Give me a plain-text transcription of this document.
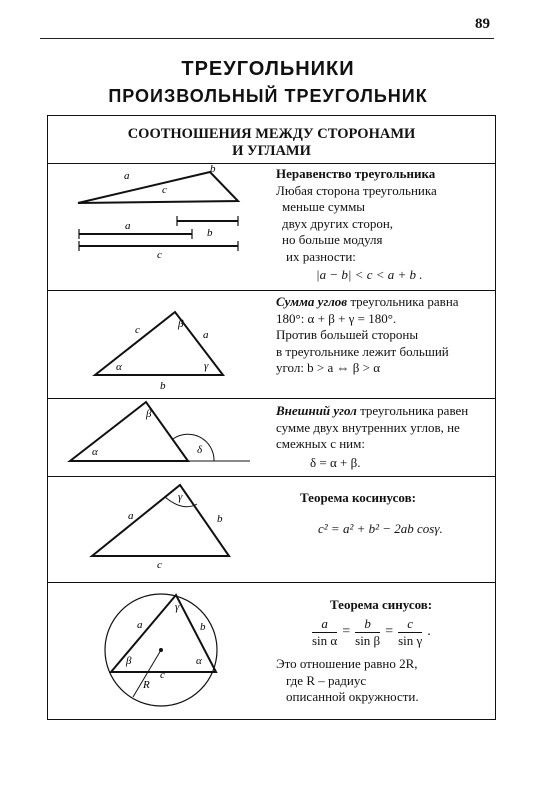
89
ТРЕУГОЛЬНИКИ
ПРОИЗВОЛЬНЫЙ ТРЕУГОЛЬНИК
СООТНОШЕНИЯ МЕЖДУ СТОРОНАМИ
И УГЛАМИ
a
b
c
a
b
c
c	a
b
α
β
γ
α
β
δ
a	b
c
γ
a	b
c
α
β
γ
R
Неравенство треугольника
Любая сторона треугольника
меньше суммы
двух других сторон,
но больше модуля
их разности:
|a − b| < c < a + b .
Сумма углов треугольника равна
180°: α + β + γ = 180°.
Против большей стороны
в треугольнике лежит больший
угол: b > a ⇔ β > α
Внешний угол треугольника равен
сумме двух внутренних углов, не
смежных с ним:
δ = α + β.
Теорема косинусов:
c² = a² + b² − 2ab cosγ.
Теорема синусов:
$\frac{a}{\text{sin α}} = \frac{b}{\text{sin β}} = \frac{c}{\text{sin γ}}$ .
Это отношение равно 2R,
где R – радиус
описанной окружности.
